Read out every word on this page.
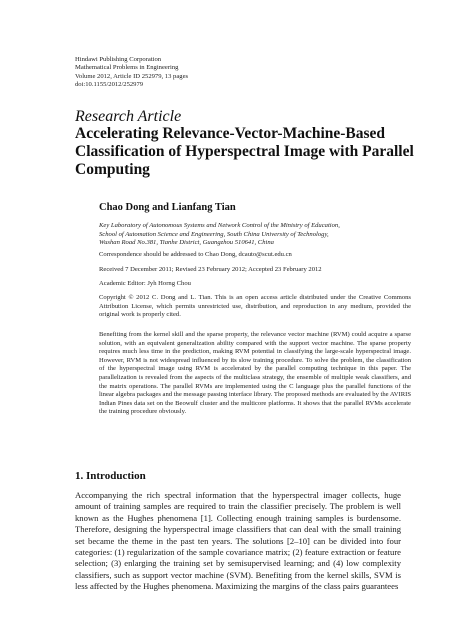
Hindawi Publishing Corporation
Mathematical Problems in Engineering
Volume 2012, Article ID 252979, 13 pages
doi:10.1155/2012/252979
Research Article
Accelerating Relevance-Vector-Machine-Based
Classification of Hyperspectral Image with Parallel
Computing
Chao Dong and Lianfang Tian
Key Laboratory of Autonomous Systems and Network Control of the Ministry of Education,
School of Automation Science and Engineering, South China University of Technology,
Wushan Road No.381, Tianhe District, Guangzhou 510641, China
Correspondence should be addressed to Chao Dong, dcauto@scut.edu.cn
Received 7 December 2011; Revised 23 February 2012; Accepted 23 February 2012
Academic Editor: Jyh Horng Chou
Copyright © 2012 C. Dong and L. Tian. This is an open access article distributed under the Creative Commons Attribution License, which permits unrestricted use, distribution, and reproduction in any medium, provided the original work is properly cited.
Benefiting from the kernel skill and the sparse property, the relevance vector machine (RVM) could acquire a sparse solution, with an equivalent generalization ability compared with the support vector machine. The sparse property requires much less time in the prediction, making RVM potential in classifying the large-scale hyperspectral image. However, RVM is not widespread influenced by its slow training procedure. To solve the problem, the classification of the hyperspectral image using RVM is accelerated by the parallel computing technique in this paper. The parallelization is revealed from the aspects of the multiclass strategy, the ensemble of multiple weak classifiers, and the matrix operations. The parallel RVMs are implemented using the C language plus the parallel functions of the linear algebra packages and the message passing interface library. The proposed methods are evaluated by the AVIRIS Indian Pines data set on the Beowulf cluster and the multicore platforms. It shows that the parallel RVMs accelerate the training procedure obviously.
1. Introduction
Accompanying the rich spectral information that the hyperspectral imager collects, huge amount of training samples are required to train the classifier precisely. The problem is well known as the Hughes phenomena [1]. Collecting enough training samples is burdensome. Therefore, designing the hyperspectral image classifiers that can deal with the small training set became the theme in the past ten years. The solutions [2–10] can be divided into four categories: (1) regularization of the sample covariance matrix; (2) feature extraction or feature selection; (3) enlarging the training set by semisupervised learning; and (4) low complexity classifiers, such as support vector machine (SVM). Benefiting from the kernel skills, SVM is less affected by the Hughes phenomena. Maximizing the margins of the class pairs guarantees
